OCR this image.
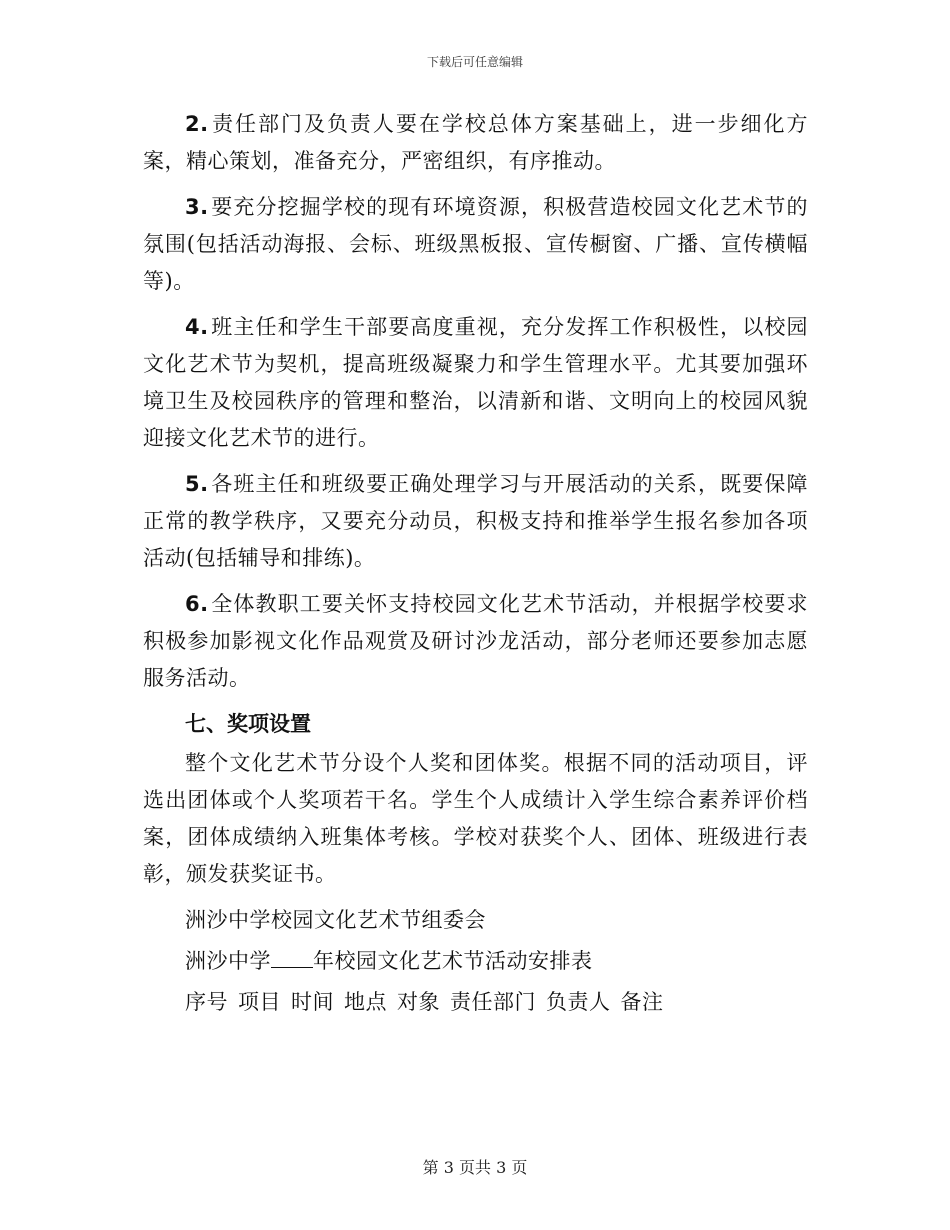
下载后可任意编辑

2.责任部门及负责人要在学校总体方案基础上，进一步细化方案，精心策划，准备充分，严密组织，有序推动。

3.要充分挖掘学校的现有环境资源，积极营造校园文化艺术节的氛围(包括活动海报、会标、班级黑板报、宣传橱窗、广播、宣传横幅等)。

4.班主任和学生干部要高度重视，充分发挥工作积极性，以校园文化艺术节为契机，提高班级凝聚力和学生管理水平。尤其要加强环境卫生及校园秩序的管理和整治，以清新和谐、文明向上的校园风貌迎接文化艺术节的进行。

5.各班主任和班级要正确处理学习与开展活动的关系，既要保障正常的教学秩序，又要充分动员，积极支持和推举学生报名参加各项活动(包括辅导和排练)。

6.全体教职工要关怀支持校园文化艺术节活动，并根据学校要求积极参加影视文化作品观赏及研讨沙龙活动，部分老师还要参加志愿服务活动。

七、奖项设置

整个文化艺术节分设个人奖和团体奖。根据不同的活动项目，评选出团体或个人奖项若干名。学生个人成绩计入学生综合素养评价档案，团体成绩纳入班集体考核。学校对获奖个人、团体、班级进行表彰，颁发获奖证书。

洲沙中学校园文化艺术节组委会

洲沙中学 年校园文化艺术节活动安排表

序号 项目 时间 地点 对象 责任部门 负责人 备注

第 3 页共 3 页
